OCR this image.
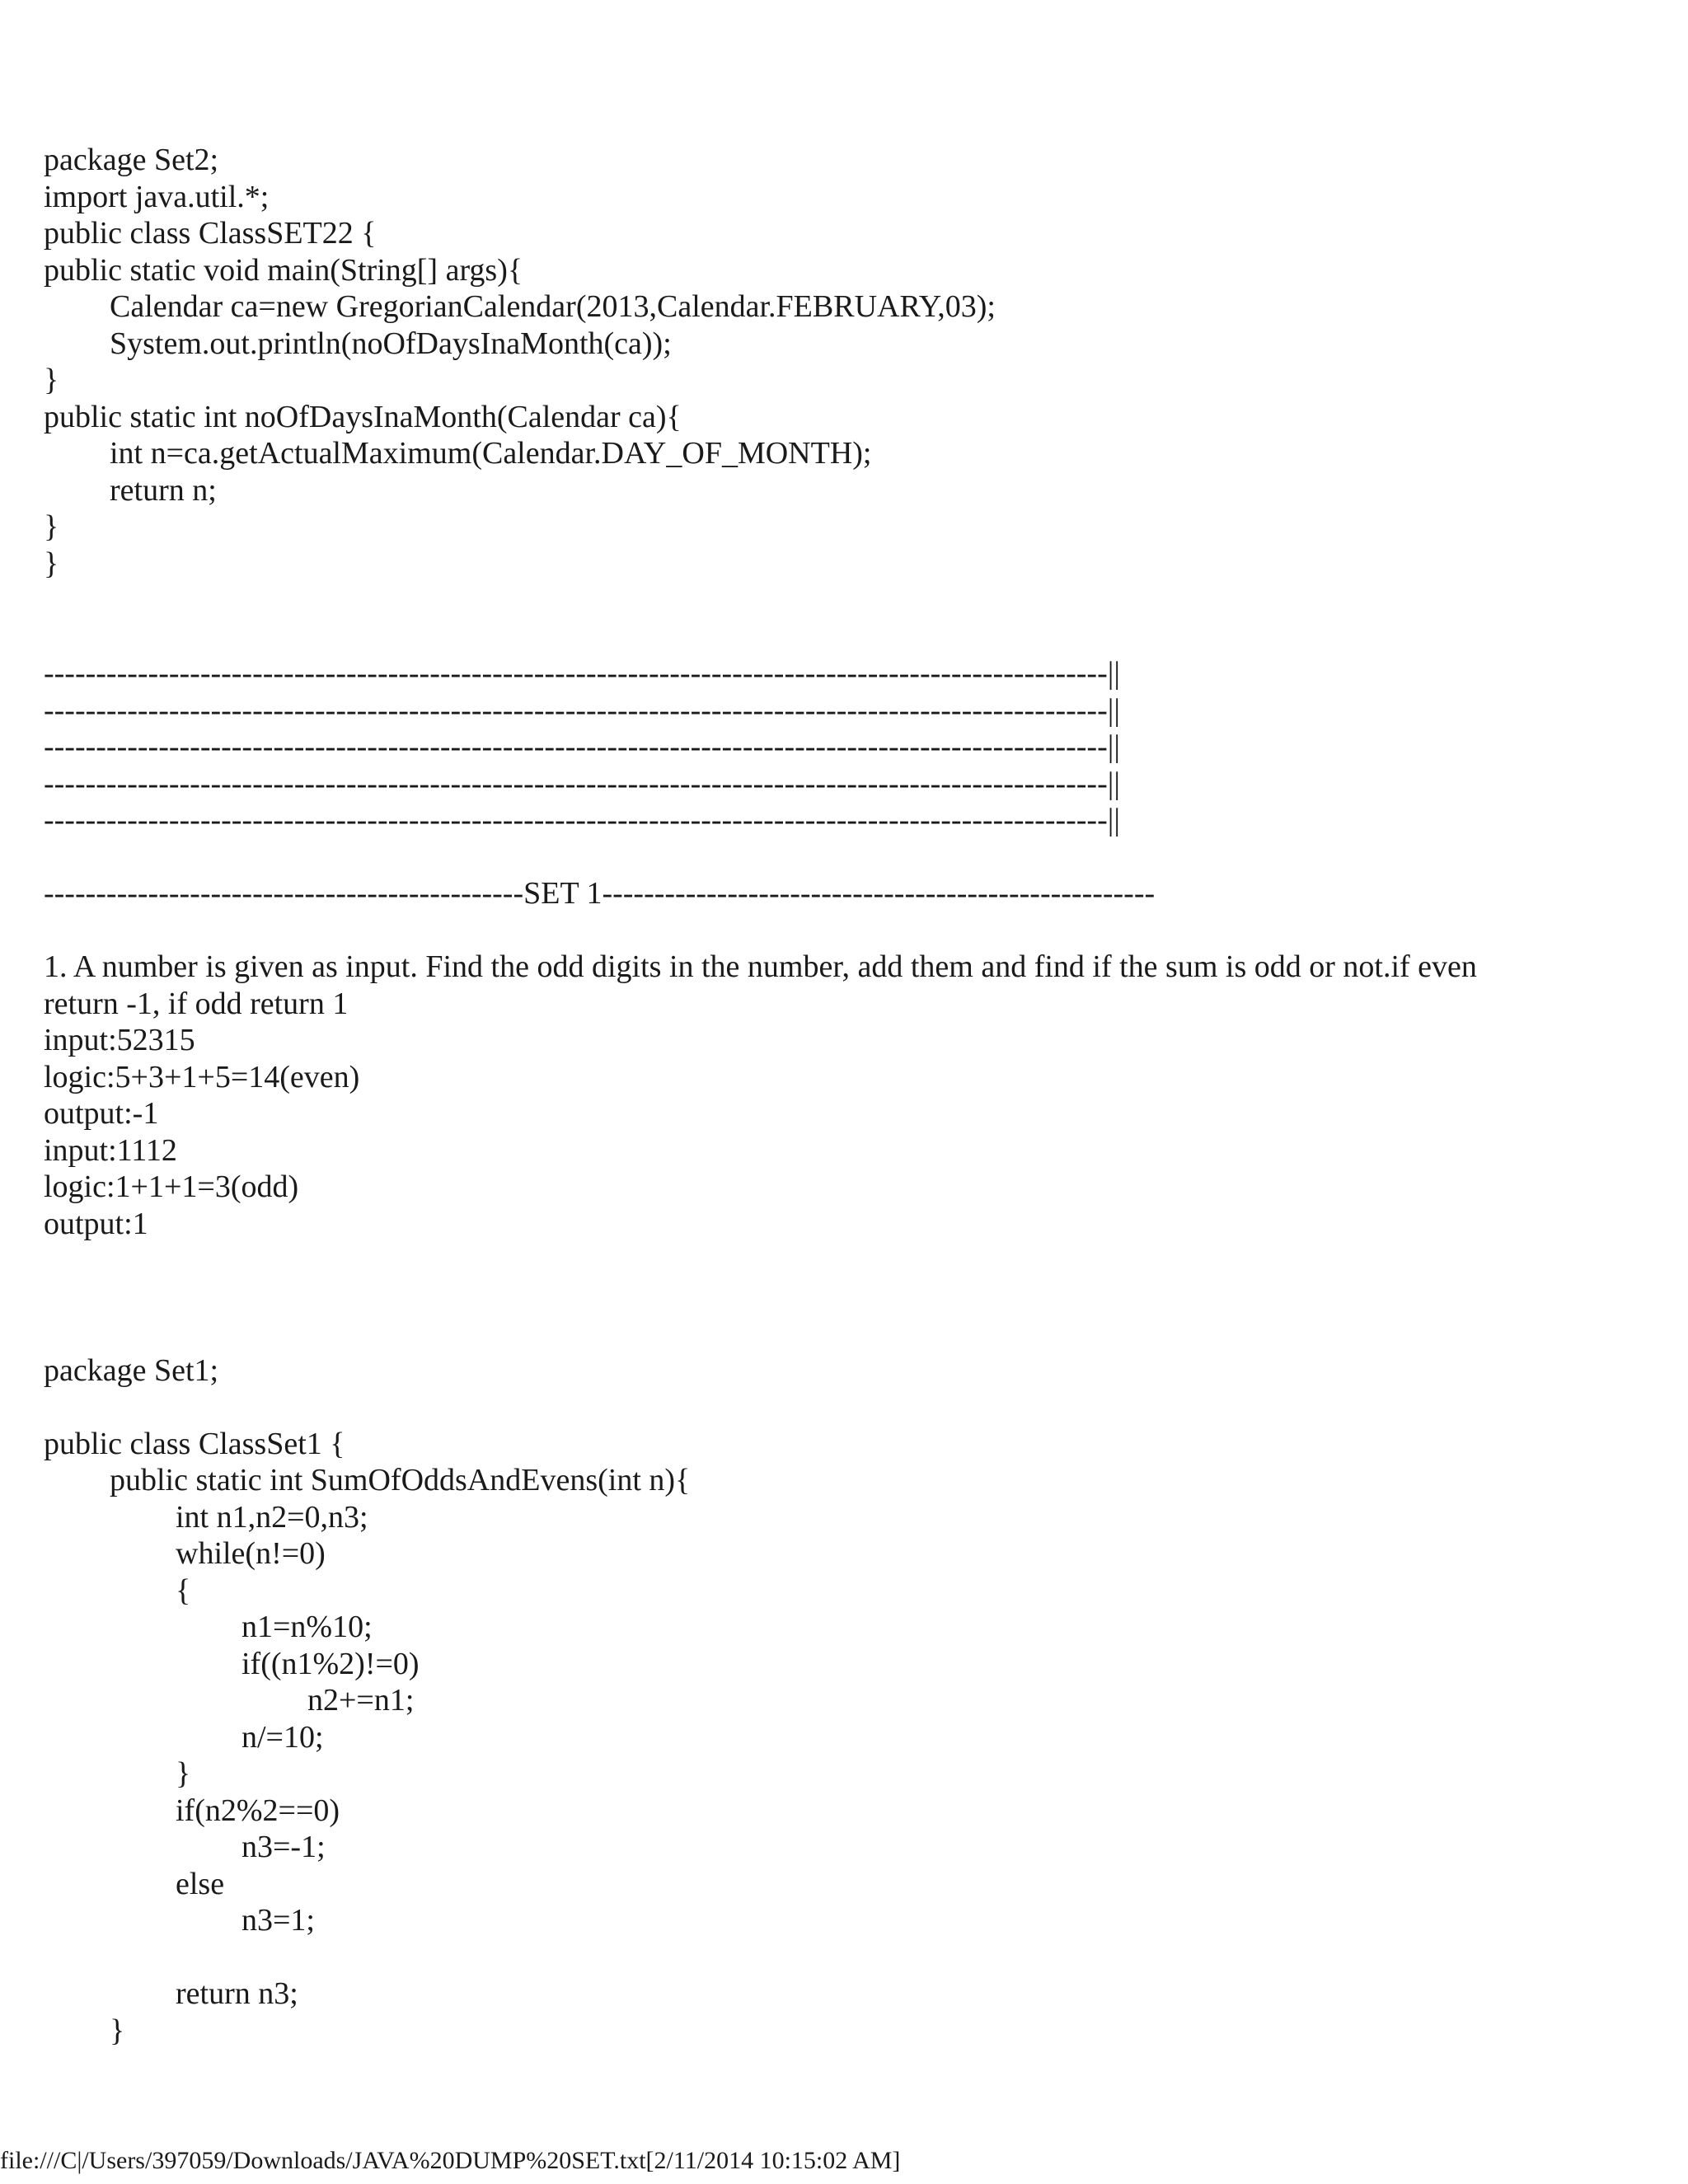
package Set2;
import java.util.*;
public class ClassSET22 {
public static void main(String[] args){
Calendar ca=new GregorianCalendar(2013,Calendar.FEBRUARY,03);
System.out.println(noOfDaysInaMonth(ca));
}
public static int noOfDaysInaMonth(Calendar ca){
int n=ca.getActualMaximum(Calendar.DAY_OF_MONTH);
return n;
}
}
------------------------------------------------------------------------------------------------------||
------------------------------------------------------------------------------------------------------||
------------------------------------------------------------------------------------------------------||
------------------------------------------------------------------------------------------------------||
------------------------------------------------------------------------------------------------------||
----------------------------------------------SET 1-----------------------------------------------------
1. A number is given as input. Find the odd digits in the number, add them and find if the sum is odd or not.if even
return -1, if odd return 1
input:52315
logic:5+3+1+5=14(even)
output:-1
input:1112
logic:1+1+1=3(odd)
output:1
package Set1;
public class ClassSet1 {
public static int SumOfOddsAndEvens(int n){
int n1,n2=0,n3;
while(n!=0)
{
n1=n%10;
if((n1%2)!=0)
n2+=n1;
n/=10;
}
if(n2%2==0)
n3=-1;
else
n3=1;
return n3;
}
file:///C|/Users/397059/Downloads/JAVA%20DUMP%20SET.txt[2/11/2014 10:15:02 AM]
